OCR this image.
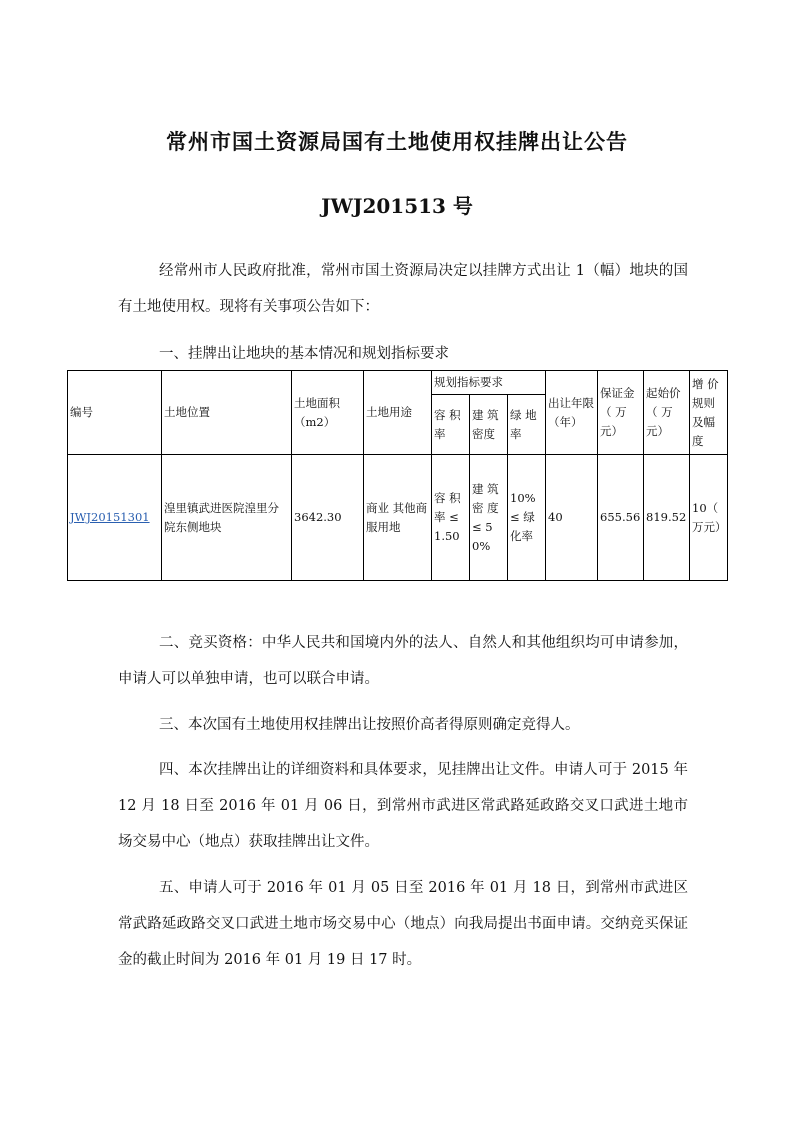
常州市国土资源局国有土地使用权挂牌出让公告
JWJ201513 号
经常州市人民政府批准，常州市国土资源局决定以挂牌方式出让 1（幅）地块的国有土地使用权。现将有关事项公告如下：
一、挂牌出让地块的基本情况和规划指标要求
编号	土地位置	土地面积（m2）	土地用途	规划指标要求			出让年限（年）	保证金（ 万元）	起始价（ 万元）	增 价规则及幅度
				容 积率	建 筑密度	绿 地率				
JWJ20151301	湟里镇武进医院湟里分院东侧地块	3642.30	商业 其他商服用地	容 积率 ≤ 1.50	建 筑密 度≤ 50%	10%≤ 绿化率	40	655.56	819.52	10（ 万元）
二、竞买资格：中华人民共和国境内外的法人、自然人和其他组织均可申请参加，申请人可以单独申请，也可以联合申请。
三、本次国有土地使用权挂牌出让按照价高者得原则确定竞得人。
四、本次挂牌出让的详细资料和具体要求，见挂牌出让文件。申请人可于 2015 年 12 月 18 日至 2016 年 01 月 06 日，到常州市武进区常武路延政路交叉口武进土地市场交易中心（地点）获取挂牌出让文件。
五、申请人可于 2016 年 01 月 05 日至 2016 年 01 月 18 日，到常州市武进区常武路延政路交叉口武进土地市场交易中心（地点）向我局提出书面申请。交纳竞买保证金的截止时间为 2016 年 01 月 19 日 17 时。
